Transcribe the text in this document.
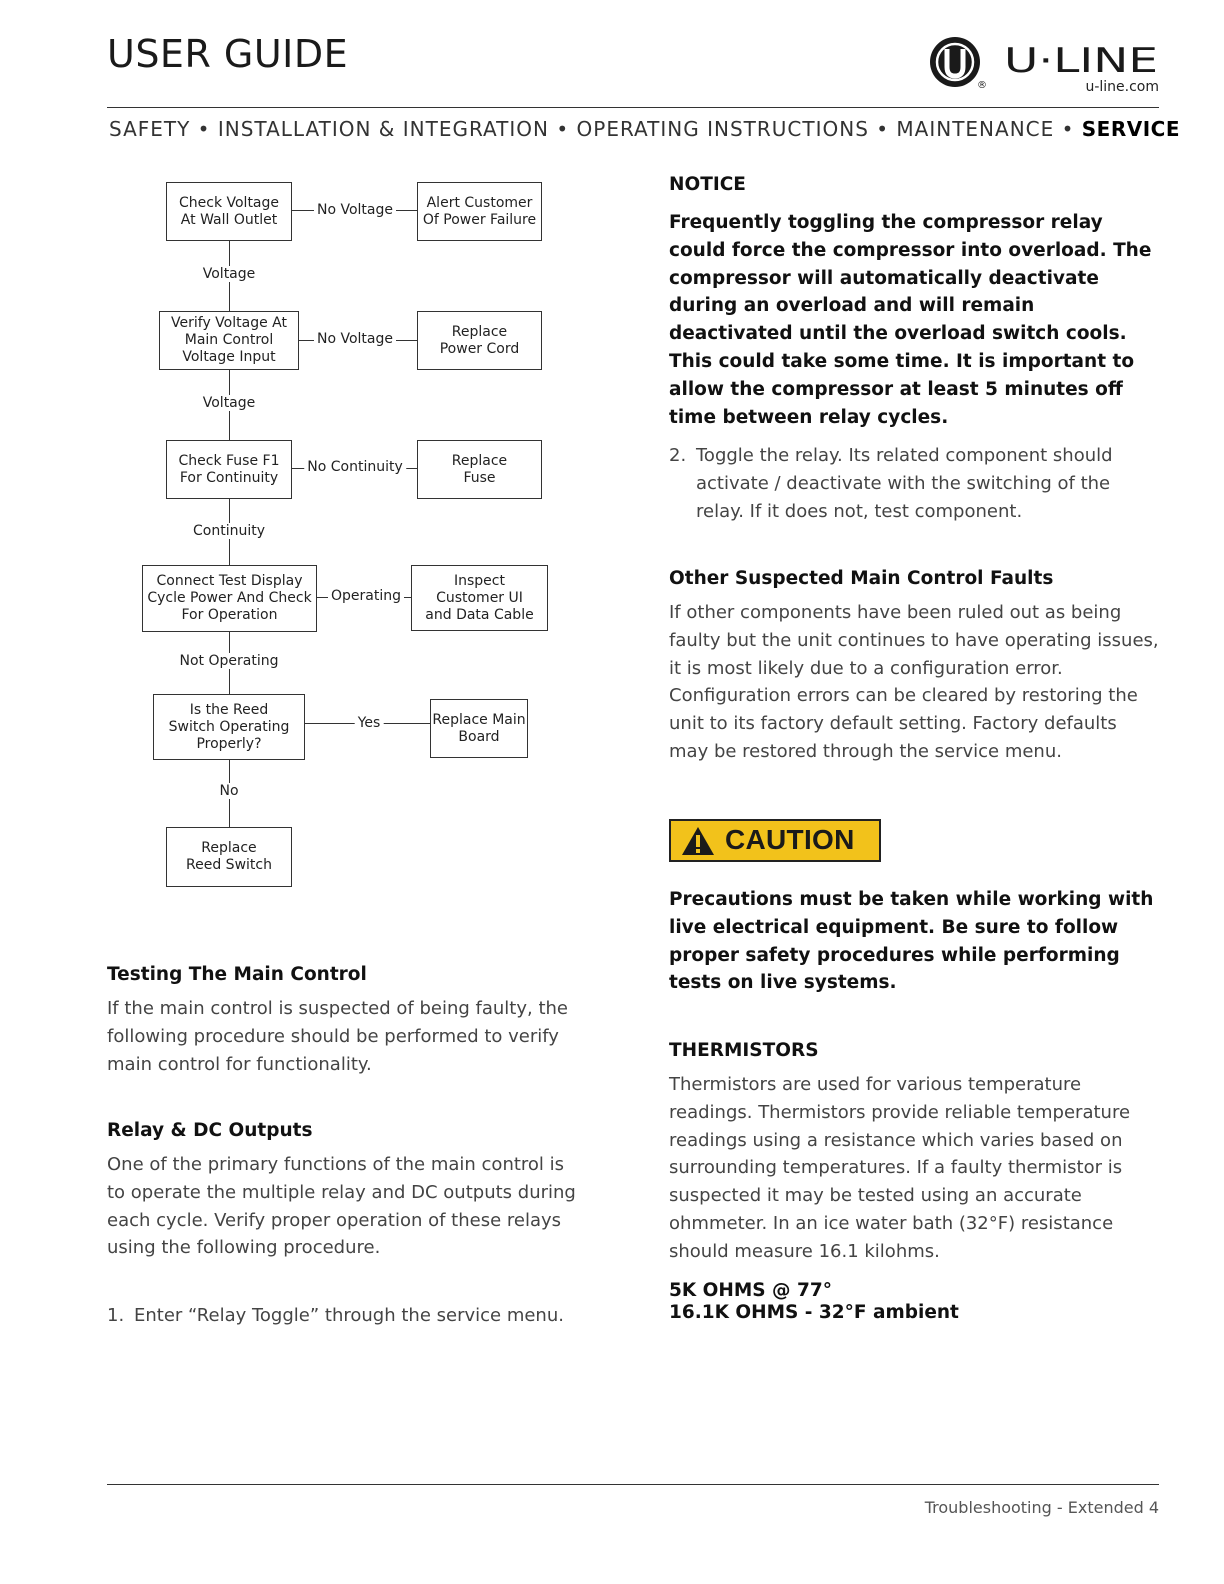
USER GUIDE
®
U·LINE
u-line.com
SAFETY • INSTALLATION & INTEGRATION • OPERATING INSTRUCTIONS • MAINTENANCE • SERVICE
Check Voltage
At Wall Outlet
Verify Voltage At
Main Control
Voltage Input
Check Fuse F1
For Continuity
Connect Test Display
Cycle Power And Check
For Operation
Is the Reed
Switch Operating
Properly?
Replace
Reed Switch
Alert Customer
Of Power Failure
Replace
Power Cord
Replace
Fuse
Inspect
Customer UI
and Data Cable
Replace Main
Board
No Voltage
No Voltage
No Continuity
Operating
Yes
Voltage
Voltage
Continuity
Not Operating
No
Testing The Main Control
If the main control is suspected of being faulty, the following procedure should be performed to verify main control for functionality.
Relay & DC Outputs
One of the primary functions of the main control is to operate the multiple relay and DC outputs during each cycle. Verify proper operation of these relays using the following procedure.
1. Enter “Relay Toggle” through the service menu.
NOTICE
Frequently toggling the compressor relay could force the compressor into overload. The compressor will automatically deactivate during an overload and will remain deactivated until the overload switch cools. This could take some time. It is important to allow the compressor at least 5 minutes off time between relay cycles.
2. Toggle the relay. Its related component should activate / deactivate with the switching of the relay. If it does not, test component.
Other Suspected Main Control Faults
If other components have been ruled out as being faulty but the unit continues to have operating issues, it is most likely due to a configuration error. Configuration errors can be cleared by restoring the unit to its factory default setting. Factory defaults may be restored through the service menu.
CAUTION
Precautions must be taken while working with live electrical equipment. Be sure to follow proper safety procedures while performing tests on live systems.
THERMISTORS
Thermistors are used for various temperature readings. Thermistors provide reliable temperature readings using a resistance which varies based on surrounding temperatures. If a faulty thermistor is suspected it may be tested using an accurate ohmmeter. In an ice water bath (32°F) resistance should measure 16.1 kilohms.
5K OHMS @ 77°
16.1K OHMS - 32°F ambient
Troubleshooting - Extended 4
